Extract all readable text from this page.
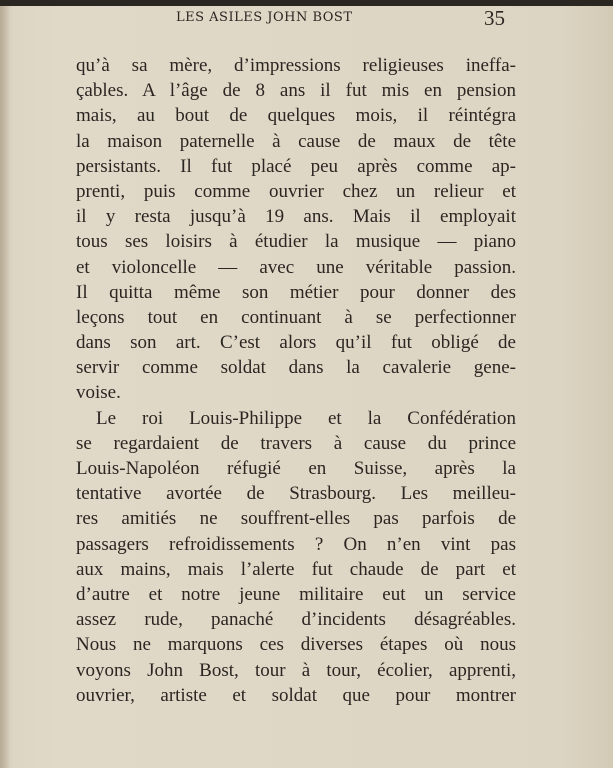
LES ASILES JOHN BOST	35
qu’à sa mère, d’impressions religieuses ineffa-
çables. A l’âge de 8 ans il fut mis en pension
mais, au bout de quelques mois, il réintégra
la maison paternelle à cause de maux de tête
persistants. Il fut placé peu après comme ap-
prenti, puis comme ouvrier chez un relieur et
il y resta jusqu’à 19 ans. Mais il employait
tous ses loisirs à étudier la musique — piano
et violoncelle — avec une véritable passion.
Il quitta même son métier pour donner des
leçons tout en continuant à se perfectionner
dans son art. C’est alors qu’il fut obligé de
servir comme soldat dans la cavalerie gene-
voise.
Le roi Louis-Philippe et la Confédération
se regardaient de travers à cause du prince
Louis-Napoléon réfugié en Suisse, après la
tentative avortée de Strasbourg. Les meilleu-
res amitiés ne souffrent-elles pas parfois de
passagers refroidissements ? On n’en vint pas
aux mains, mais l’alerte fut chaude de part et
d’autre et notre jeune militaire eut un service
assez rude, panaché d’incidents désagréables.
Nous ne marquons ces diverses étapes où nous
voyons John Bost, tour à tour, écolier, apprenti,
ouvrier, artiste et soldat que pour montrer
